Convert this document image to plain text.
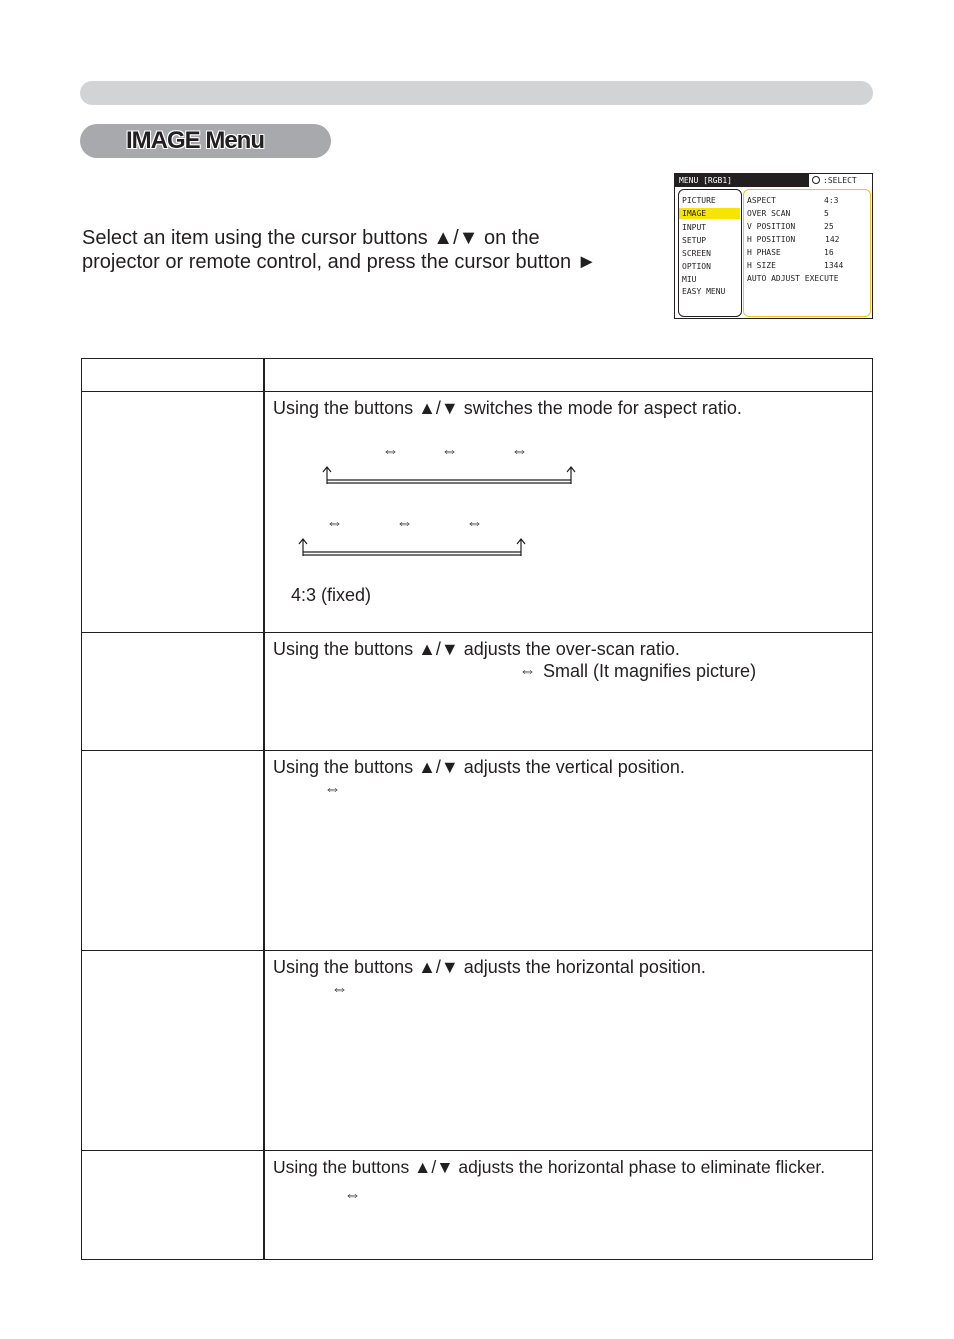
IMAGE Menu
Select an item using the cursor buttons ▲/▼ on the
projector or remote control, and press the cursor button ►
MENU [RGB1]	:SELECT
PICTURE
IMAGE
INPUT
SETUP
SCREEN
OPTION
MIU
EASY MENU
ASPECT	4:3
OVER SCAN	5
V POSITION	25
H POSITION	142
H PHASE	16
H SIZE	1344
AUTO ADJUST EXECUTE
Using the buttons ▲/▼ switches the mode for aspect ratio.
⇔ ⇔	⇔
⇔	⇔	⇔
4:3 (fixed)
Using the buttons ▲/▼ adjusts the over-scan ratio.
⇔ Small (It magnifies picture)
Using the buttons ▲/▼ adjusts the vertical position.
⇔
Using the buttons ▲/▼ adjusts the horizontal position.
⇔
Using the buttons ▲/▼ adjusts the horizontal phase to eliminate flicker.
⇔
